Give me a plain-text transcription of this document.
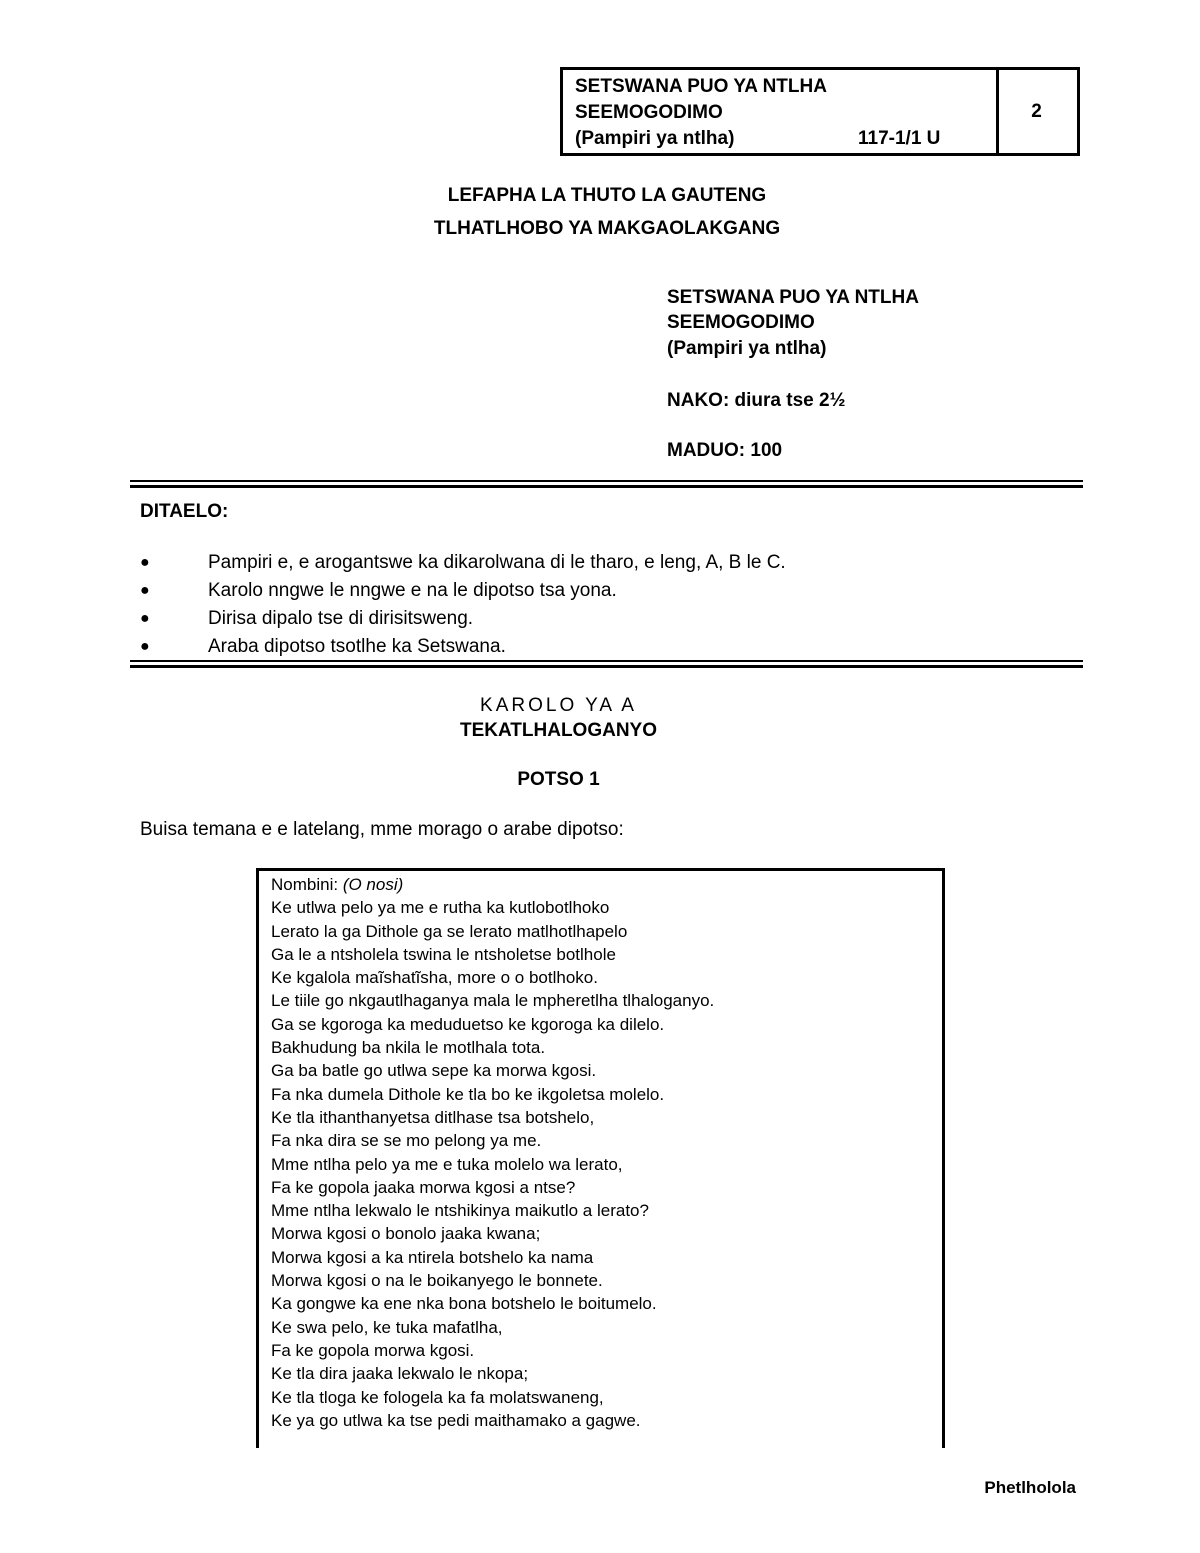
SETSWANA PUO YA NTLHA
SEEMOGODIMO
(Pampiri ya ntlha)	117-1/1 U
2
LEFAPHA LA THUTO LA GAUTENG
TLHATLHOBO YA MAKGAOLAKGANG
SETSWANA PUO YA NTLHA
SEEMOGODIMO
(Pampiri ya ntlha)
NAKO: diura tse 2½
MADUO: 100
DITAELO:
●	Pampiri e, e arogantswe ka dikarolwana di le tharo, e leng, A, B le C.
●	Karolo nngwe le nngwe e na le dipotso tsa yona.
●	Dirisa dipalo tse di dirisitsweng.
●	Araba dipotso tsotlhe ka Setswana.
KAROLO YA A
TEKATLHALOGANYO
POTSO 1
Buisa temana e e latelang, mme morago o arabe dipotso:
Nombini: (O nosi)
Ke utlwa pelo ya me e rutha ka kutlobotlhoko
Lerato la ga Dithole ga se lerato matlhotlhapelo
Ga le a ntsholela tswina le ntsholetse botlhole
Ke kgalola maĩshatĩsha, more o o botlhoko.
Le tiile go nkgautlhaganya mala le mpheretlha tlhaloganyo.
Ga se kgoroga ka meduduetso ke kgoroga ka dilelo.
Bakhudung ba nkila le motlhala tota.
Ga ba batle go utlwa sepe ka morwa kgosi.
Fa nka dumela Dithole ke tla bo ke ikgoletsa molelo.
Ke tla ithanthanyetsa ditlhase tsa botshelo,
Fa nka dira se se mo pelong ya me.
Mme ntlha pelo ya me e tuka molelo wa lerato,
Fa ke gopola jaaka morwa kgosi a ntse?
Mme ntlha lekwalo le ntshikinya maikutlo a lerato?
Morwa kgosi o bonolo jaaka kwana;
Morwa kgosi a ka ntirela botshelo ka nama
Morwa kgosi o na le boikanyego le bonnete.
Ka gongwe ka ene nka bona botshelo le boitumelo.
Ke swa pelo, ke tuka mafatlha,
Fa ke gopola morwa kgosi.
Ke tla dira jaaka lekwalo le nkopa;
Ke tla tloga ke fologela ka fa molatswaneng,
Ke ya go utlwa ka tse pedi maithamako a gagwe.
Phetlholola
